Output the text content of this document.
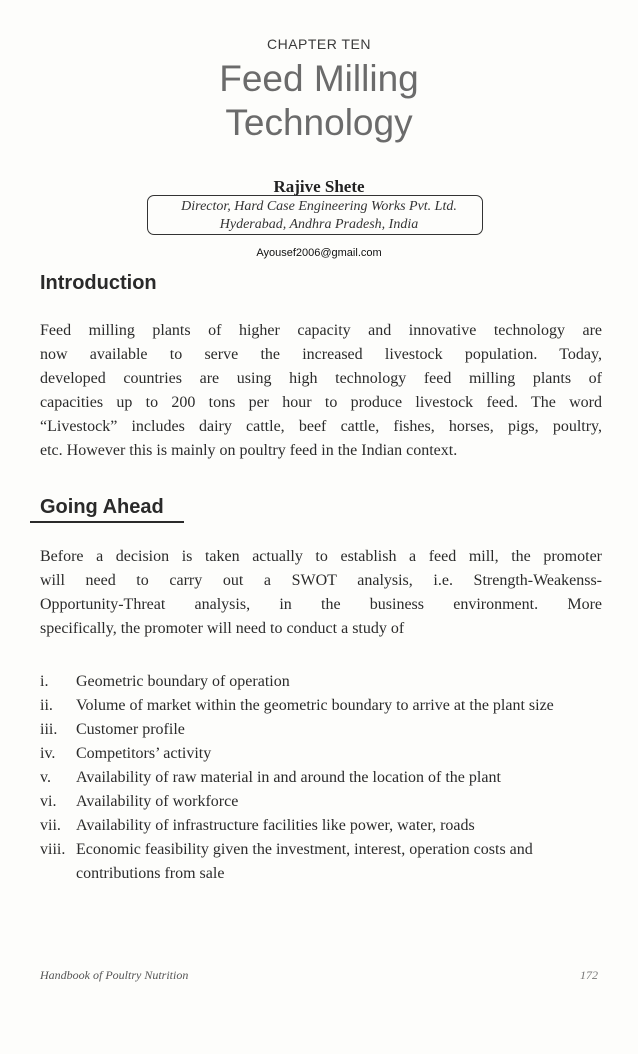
CHAPTER TEN
Feed Milling
Technology
Rajive Shete
Director, Hard Case Engineering Works Pvt. Ltd.
Hyderabad, Andhra Pradesh, India
Ayousef2006@gmail.com
Introduction
Feed milling plants of higher capacity and innovative technology are
now available to serve the increased livestock population. Today,
developed countries are using high technology feed milling plants of
capacities up to 200 tons per hour to produce livestock feed. The word
“Livestock” includes dairy cattle, beef cattle, fishes, horses, pigs, poultry,
etc. However this is mainly on poultry feed in the Indian context.
Going Ahead
Before a decision is taken actually to establish a feed mill, the promoter
will need to carry out a SWOT analysis, i.e. Strength-Weakenss-
Opportunity-Threat analysis, in the business environment. More
specifically, the promoter will need to conduct a study of
i. Geometric boundary of operation
ii. Volume of market within the geometric boundary to arrive at the plant size
iii. Customer profile
iv. Competitors’ activity
v. Availability of raw material in and around the location of the plant
vi. Availability of workforce
vii. Availability of infrastructure facilities like power, water, roads
viii. Economic feasibility given the investment, interest, operation costs and contributions from sale
Handbook of Poultry Nutrition	172
